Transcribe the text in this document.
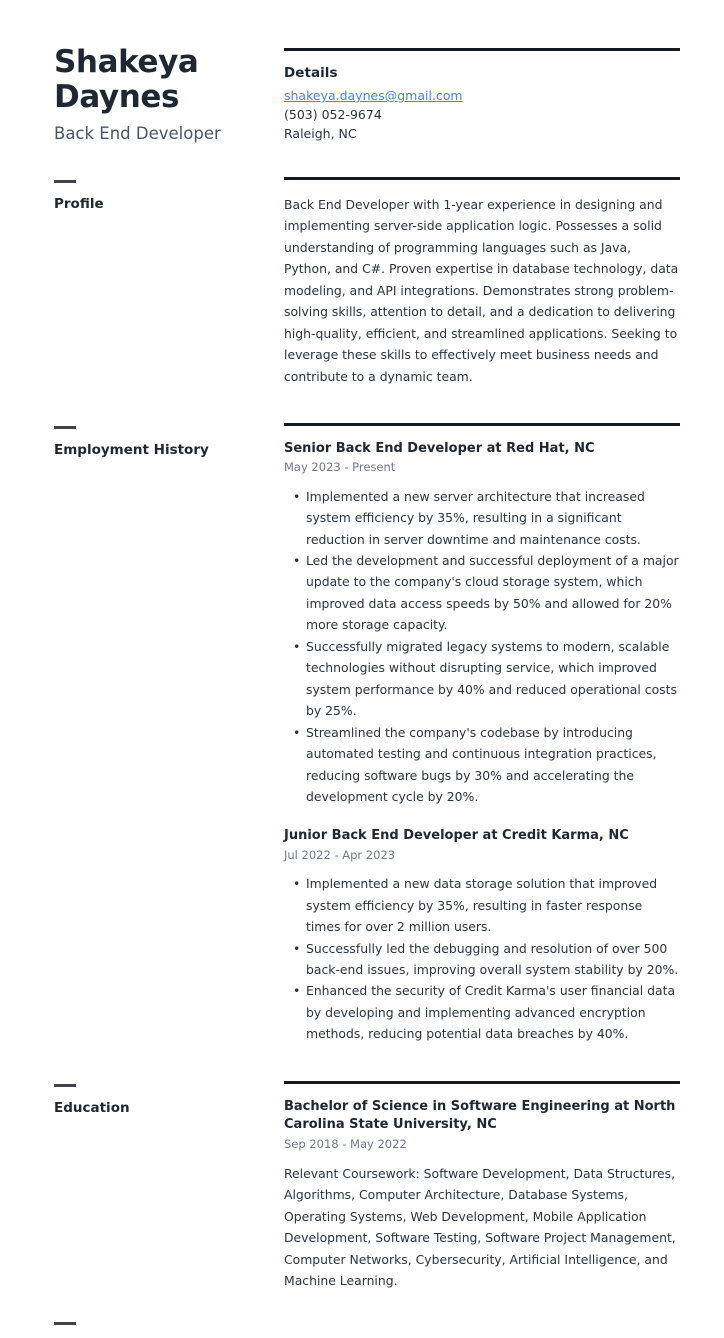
Shakeya
Daynes
Back End Developer
Details
shakeya.daynes@gmail.com
(503) 052-9674
Raleigh, NC
Profile	Back End Developer with 1-year experience in designing and implementing server-side application logic. Possesses a solid understanding of programming languages such as Java, Python, and C#. Proven expertise in database technology, data modeling, and API integrations. Demonstrates strong problem-solving skills, attention to detail, and a dedication to delivering high-quality, efficient, and streamlined applications. Seeking to leverage these skills to effectively meet business needs and contribute to a dynamic team.

Employment History	Senior Back End Developer at Red Hat, NC
May 2023 - Present
• Implemented a new server architecture that increased system efficiency by 35%, resulting in a significant reduction in server downtime and maintenance costs.
• Led the development and successful deployment of a major update to the company's cloud storage system, which improved data access speeds by 50% and allowed for 20% more storage capacity.
• Successfully migrated legacy systems to modern, scalable technologies without disrupting service, which improved system performance by 40% and reduced operational costs by 25%.
• Streamlined the company's codebase by introducing automated testing and continuous integration practices, reducing software bugs by 30% and accelerating the development cycle by 20%.
Junior Back End Developer at Credit Karma, NC
Jul 2022 - Apr 2023
• Implemented a new data storage solution that improved system efficiency by 35%, resulting in faster response times for over 2 million users.
• Successfully led the debugging and resolution of over 500 back-end issues, improving overall system stability by 20%.
• Enhanced the security of Credit Karma's user financial data by developing and implementing advanced encryption methods, reducing potential data breaches by 40%.
Education	Bachelor of Science in Software Engineering at North Carolina State University, NC
Sep 2018 - May 2022

Relevant Coursework: Software Development, Data Structures, Algorithms, Computer Architecture, Database Systems, Operating Systems, Web Development, Mobile Application Development, Software Testing, Software Project Management, Computer Networks, Cybersecurity, Artificial Intelligence, and Machine Learning.
